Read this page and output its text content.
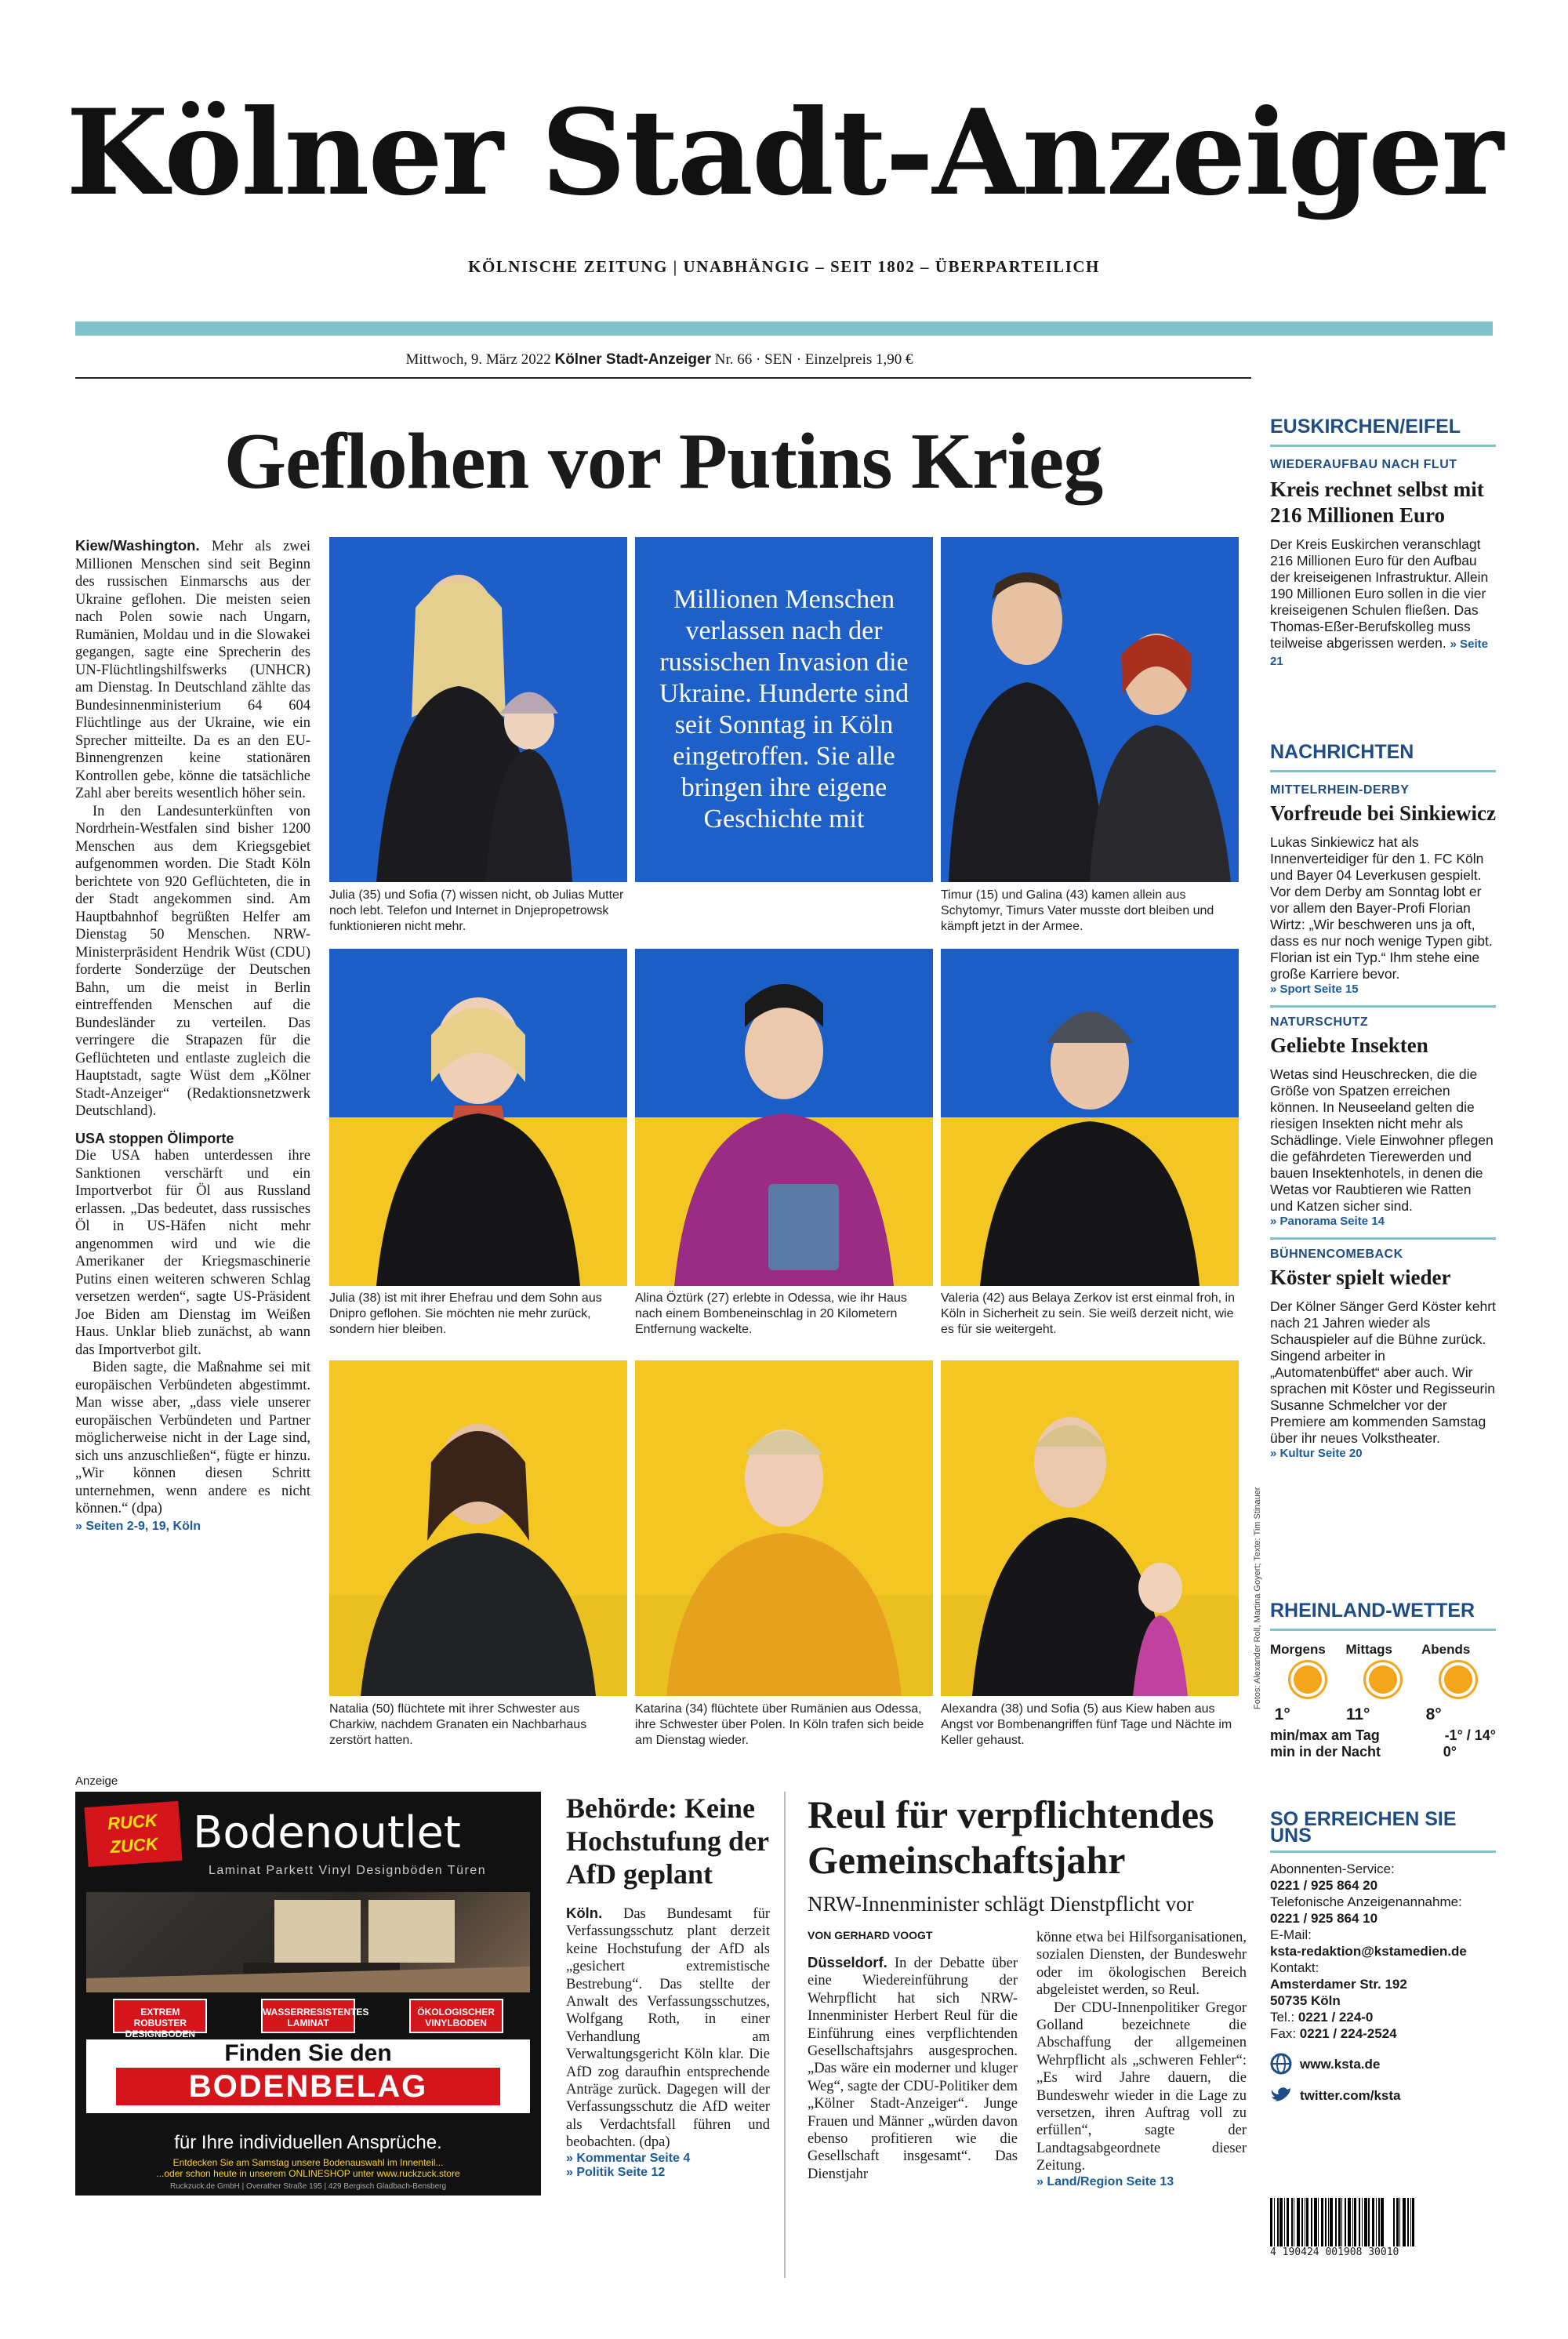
Kölner Stadt-Anzeiger
KÖLNISCHE ZEITUNG | UNABHÄNGIG – SEIT 1802 – ÜBERPARTEILICH
Mittwoch, 9. März 2022 Kölner Stadt-Anzeiger Nr. 66 · SEN · Einzelpreis 1,90 €
Geflohen vor Putins Krieg

Kiew/Washington. Mehr als zwei Millionen Menschen sind seit Beginn des russischen Einmarschs aus der Ukraine geflohen. Die meisten seien nach Polen sowie nach Ungarn, Rumänien, Moldau und in die Slowakei gegangen, sagte eine Sprecherin des UN-Flüchtlingshilfswerks (UNHCR) am Dienstag. In Deutschland zählte das Bundesinnenministerium 64 604 Flüchtlinge aus der Ukraine, wie ein Sprecher mitteilte. Da es an den EU-Binnengrenzen keine stationären Kontrollen gebe, könne die tatsächliche Zahl aber bereits wesentlich höher sein.

In den Landesunterkünften von Nordrhein-Westfalen sind bisher 1200 Menschen aus dem Kriegsgebiet aufgenommen worden. Die Stadt Köln berichtete von 920 Geflüchteten, die in der Stadt angekommen sind. Am Hauptbahnhof begrüßten Helfer am Dienstag 50 Menschen. NRW-Ministerpräsident Hendrik Wüst (CDU) forderte Sonderzüge der Deutschen Bahn, um die meist in Berlin eintreffenden Menschen auf die Bundesländer zu verteilen. Das verringere die Strapazen für die Geflüchteten und entlaste zugleich die Hauptstadt, sagte Wüst dem „Kölner Stadt-Anzeiger“ (Redaktionsnetzwerk Deutschland).

USA stoppen Ölimporte

Die USA haben unterdessen ihre Sanktionen verschärft und ein Importverbot für Öl aus Russland erlassen. „Das bedeutet, dass russisches Öl in US-Häfen nicht mehr angenommen wird und wie die Amerikaner der Kriegsmaschinerie Putins einen weiteren schweren Schlag versetzen werden“, sagte US-Präsident Joe Biden am Dienstag im Weißen Haus. Unklar blieb zunächst, ab wann das Importverbot gilt.

Biden sagte, die Maßnahme sei mit europäischen Verbündeten abgestimmt. Man wisse aber, „dass viele unserer europäischen Verbündeten und Partner möglicherweise nicht in der Lage sind, sich uns anzuschließen“, fügte er hinzu. „Wir können diesen Schritt unternehmen, wenn andere es nicht können.“ (dpa)

» Seiten 2-9, 19, Köln
Millionen Menschen verlassen nach der russischen Invasion die Ukraine. Hunderte sind seit Sonntag in Köln eingetroffen. Sie alle bringen ihre eigene Geschichte mit
Julia (35) und Sofia (7) wissen nicht, ob Julias Mutter noch lebt. Telefon und Internet in Dnjepropetrowsk funktionieren nicht mehr.
Timur (15) und Galina (43) kamen allein aus Schytomyr, Timurs Vater musste dort bleiben und kämpft jetzt in der Armee.
Julia (38) ist mit ihrer Ehefrau und dem Sohn aus Dnipro geflohen. Sie möchten nie mehr zurück, sondern hier bleiben.
Alina Öztürk (27) erlebte in Odessa, wie ihr Haus nach einem Bombeneinschlag in 20 Kilometern Entfernung wackelte.
Valeria (42) aus Belaya Zerkov ist erst einmal froh, in Köln in Sicherheit zu sein. Sie weiß derzeit nicht, wie es für sie weitergeht.
Natalia (50) flüchtete mit ihrer Schwester aus Charkiw, nachdem Granaten ein Nachbarhaus zerstört hatten.
Katarina (34) flüchtete über Rumänien aus Odessa, ihre Schwester über Polen. In Köln trafen sich beide am Dienstag wieder.
Alexandra (38) und Sofia (5) aus Kiew haben aus Angst vor Bombenangriffen fünf Tage und Nächte im Keller gehaust.
Fotos: Alexander Roll, Martina Goyert; Texte: Tim Stinauer
EUSKIRCHEN/EIFEL
WIEDERAUFBAU NACH FLUT
Kreis rechnet selbst mit 216 Millionen Euro
Der Kreis Euskirchen veranschlagt 216 Millionen Euro für den Aufbau der kreiseigenen Infrastruktur. Allein 190 Millionen Euro sollen in die vier kreiseigenen Schulen fließen. Das Thomas-Eßer-Berufskolleg muss teilweise abgerissen werden. » Seite 21
NACHRICHTEN
MITTELRHEIN-DERBY
Vorfreude bei Sinkiewicz
Lukas Sinkiewicz hat als Innenverteidiger für den 1. FC Köln und Bayer 04 Leverkusen gespielt. Vor dem Derby am Sonntag lobt er vor allem den Bayer-Profi Florian Wirtz: „Wir beschweren uns ja oft, dass es nur noch wenige Typen gibt. Florian ist ein Typ.“ Ihm stehe eine große Karriere bevor.
» Sport Seite 15
NATURSCHUTZ
Geliebte Insekten
Wetas sind Heuschrecken, die die Größe von Spatzen erreichen können. In Neuseeland gelten die riesigen Insekten nicht mehr als Schädlinge. Viele Einwohner pflegen die gefährdeten Tierewerden und bauen Insektenhotels, in denen die Wetas vor Raubtieren wie Ratten und Katzen sicher sind.
» Panorama Seite 14
BÜHNENCOMEBACK
Köster spielt wieder
Der Kölner Sänger Gerd Köster kehrt nach 21 Jahren wieder als Schauspieler auf die Bühne zurück. Singend arbeiter in „Automatenbüffet“ aber auch. Wir sprachen mit Köster und Regisseurin Susanne Schmelcher vor der Premiere am kommenden Samstag über ihr neues Volkstheater.
» Kultur Seite 20
RHEINLAND-WETTER
Morgens
1°
Mittags
11°
Abends
8°
min/max am Tag	-1° / 14°
min in der Nacht	0°
SO ERREICHEN SIE UNS
Abonnenten-Service:
0221 / 925 864 20
Telefonische Anzeigenannahme:
0221 / 925 864 10
E-Mail:
ksta-redaktion@kstamedien.de
Kontakt:
Amsterdamer Str. 192
50735 Köln
Tel.: 0221 / 224-0
Fax: 0221 / 224-2524
www.ksta.de
twitter.com/ksta
4 190424 001908 30010
Anzeige
RUCK ZUCK Bodenoutlet
Laminat Parkett Vinyl Designböden Türen
EXTREM ROBUSTER DESIGNBODEN
WASSERRESISTENTES LAMINAT
ÖKOLOGISCHER VINYLBODEN
Finden Sie den
BODENBELAG
für Ihre individuellen Ansprüche.
Entdecken Sie am Samstag unsere Bodenauswahl im Innenteil...
...oder schon heute in unserem ONLINESHOP unter www.ruckzuck.store
Ruckzuck.de GmbH | Overather Straße 195 | 429 Bergisch Gladbach-Bensberg
Behörde: Keine Hochstufung der AfD geplant

Köln. Das Bundesamt für Verfassungsschutz plant derzeit keine Hochstufung der AfD als „gesichert extremistische Bestrebung“. Das stellte der Anwalt des Verfassungsschutzes, Wolfgang Roth, in einer Verhandlung am Verwaltungsgericht Köln klar. Die AfD zog daraufhin entsprechende Anträge zurück. Dagegen will der Verfassungsschutz die AfD weiter als Verdachtsfall führen und beobachten. (dpa)

» Kommentar Seite 4
» Politik Seite 12
Reul für verpflichtendes Gemeinschaftsjahr
NRW-Innenminister schlägt Dienstpflicht vor
VON GERHARD VOOGT

Düsseldorf. In der Debatte über eine Wiedereinführung der Wehrpflicht hat sich NRW-Innenminister Herbert Reul für die Einführung eines verpflichtenden Gesellschaftsjahrs ausgesprochen. „Das wäre ein moderner und kluger Weg“, sagte der CDU-Politiker dem „Kölner Stadt-Anzeiger“. Junge Frauen und Männer „würden davon ebenso profitieren wie die Gesellschaft insgesamt“. Das Dienstjahr

könne etwa bei Hilfsorganisationen, sozialen Diensten, der Bundeswehr oder im ökologischen Bereich abgeleistet werden, so Reul.

Der CDU-Innenpolitiker Gregor Golland bezeichnete die Abschaffung der allgemeinen Wehrpflicht als „schweren Fehler“: „Es wird Jahre dauern, die Bundeswehr wieder in die Lage zu versetzen, ihren Auftrag voll zu erfüllen“, sagte der Landtagsabgeordnete dieser Zeitung.

» Land/Region Seite 13
